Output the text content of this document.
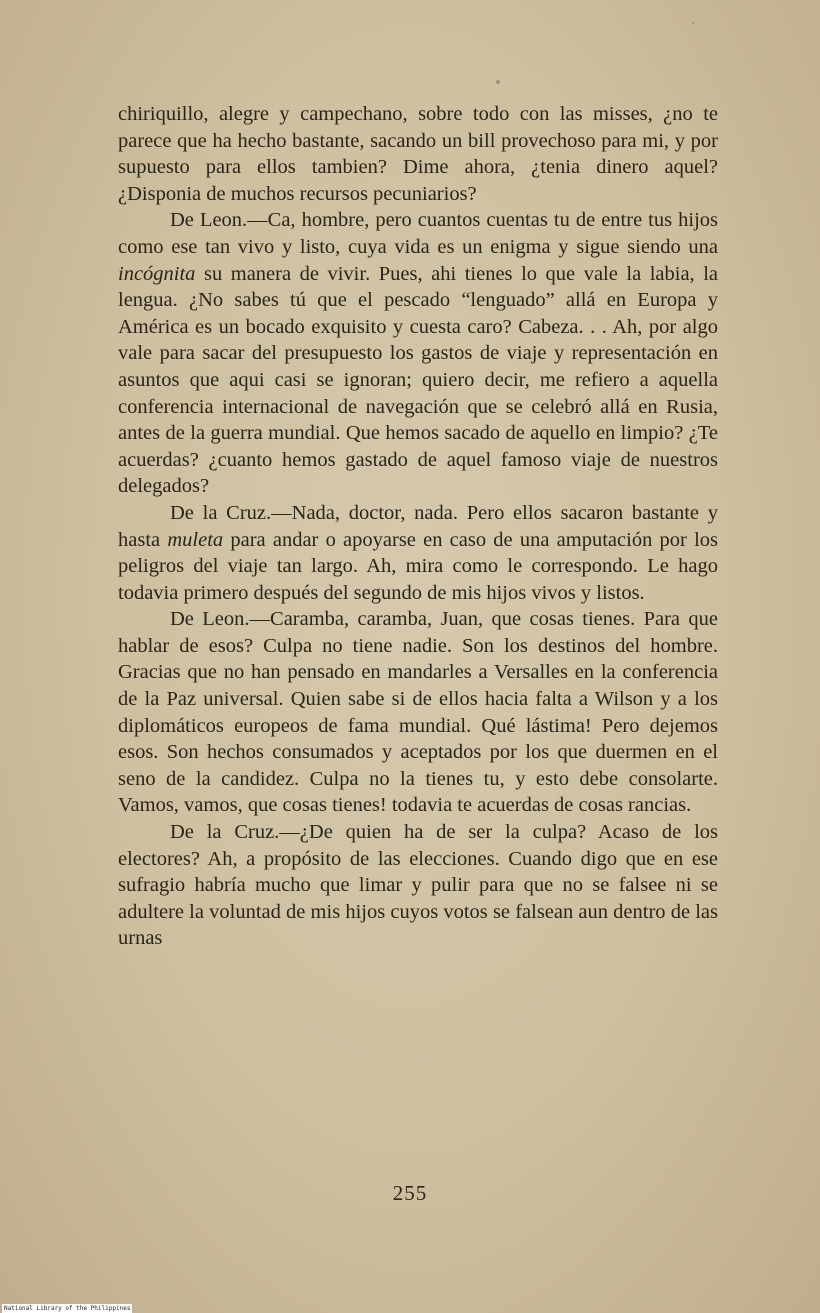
chiriquillo, alegre y campechano, sobre todo con las misses, ¿no te parece que ha hecho bastante, sacando un bill provechoso para mi, y por supuesto para ellos tambien? Dime ahora, ¿tenia dinero aquel? ¿Disponia de muchos recursos pecuniarios?

De Leon.—Ca, hombre, pero cuantos cuentas tu de entre tus hijos como ese tan vivo y listo, cuya vida es un enigma y sigue siendo una incógnita su manera de vivir. Pues, ahi tienes lo que vale la labia, la lengua. ¿No sabes tú que el pescado “lenguado” allá en Europa y América es un bocado exquisito y cuesta caro? Cabeza. . . Ah, por algo vale para sacar del presupuesto los gastos de viaje y representación en asuntos que aqui casi se ignoran; quiero decir, me refiero a aquella conferencia internacional de navegación que se celebró allá en Rusia, antes de la guerra mundial. Que hemos sacado de aquello en limpio? ¿Te acuerdas? ¿cuanto hemos gastado de aquel famoso viaje de nuestros delegados?

De la Cruz.—Nada, doctor, nada. Pero ellos sacaron bastante y hasta muleta para andar o apoyarse en caso de una amputación por los peligros del viaje tan largo. Ah, mira como le correspondo. Le hago todavia primero después del segundo de mis hijos vivos y listos.

De Leon.—Caramba, caramba, Juan, que cosas tienes. Para que hablar de esos? Culpa no tiene nadie. Son los destinos del hombre. Gracias que no han pensado en mandarles a Versalles en la conferencia de la Paz universal. Quien sabe si de ellos hacia falta a Wilson y a los diplomáticos europeos de fama mundial. Qué lástima! Pero dejemos esos. Son hechos consumados y aceptados por los que duermen en el seno de la candidez. Culpa no la tienes tu, y esto debe consolarte. Vamos, vamos, que cosas tienes! todavia te acuerdas de cosas rancias.

De la Cruz.—¿De quien ha de ser la culpa? Acaso de los electores? Ah, a propósito de las elecciones. Cuando digo que en ese sufragio habría mucho que limar y pulir para que no se falsee ni se adultere la voluntad de mis hijos cuyos votos se falsean aun dentro de las urnas

255
National Library of the Philippines
